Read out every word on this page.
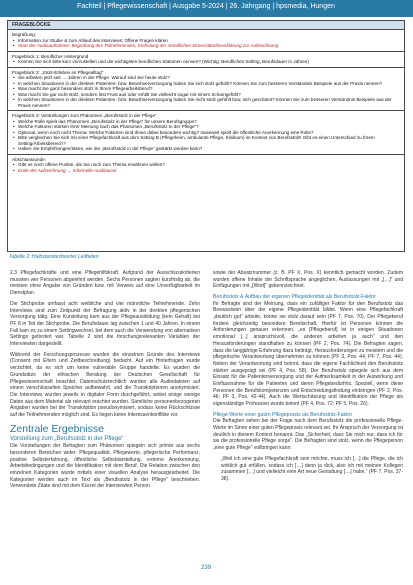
Fachteil | Pflegewissenschaft | Ausgabe 5-2024 | 26. Jahrgang | hpsmedia, Hungen
FRAGEBLÖCKE
Begrüßung:
• Information zur Studie & zum Ablauf des Interviews; Offene Fragen klären
• Start der Audioaufnahme: Begrüßung des Teilnehmenden, Einholung der mündlichen Einverständniserklärung zur Aufzeichnung
Frageblock 1: Beruflicher Hintergrund
• Können Sie sich bitte kurz vorzustellen und die wichtigsten beruflichen Stationen nennen? (Wichtig: Berufliches Setting, Berufsdauer in Jahren)
Frageblock 2: „Stolz-Erleben im Pflegealltag“
• Sie arbeiten jetzt seit … Jahren in der Pflege. Worauf sind Sie heute stolz?
• In welchen Situationen in der direkten Patienten- bzw. Bewohnerversorgung haben Sie sich stolz gefühlt? Können Sie zum besseren Verständnis Beispiele aus der Praxis nennen?
• Was macht Sie ganz besonders stolz in Ihrem Pflegearbeitsberuf?
• Was macht Sie gar nicht stolz, sondern löst Frust aus oder erfüllt Sie vielleicht sogar mit einem Schamgefühl?
• In welchen Situationen in der direkten Patienten- bzw. Bewohnerversorgung haben Sie nicht stolz gefühlt bzw. sich geschämt? Können Sie zum besseren Verständnis Beispiele aus der Praxis nennen?
Frageblock 3: Vorstellungen zum Phänomen „Berufsstolz in der Pflege“
• Welche Rolle spielt das Phänomen „Berufsstolz in der Pflege“ für unsere Berufsgruppe?
• Welche Faktoren stärken Ihrer Meinung nach das Phänomen „Berufsstolz in der Pflege“?
• Optional, wenn noch nicht Thema: Welche Faktoren sind Ihnen dabei besonders wichtig? Inwieweit spielt die öffentliche Anerkennung eine Rolle?
• Bitte vergleichen Sie sich mit einer Pflegefachkraft aus dem Setting B (Pflegeheim, ambulante Pflege, Klinikum) im Kontext von Berufsstolz! Gibt es einen Unterschied zu Ihrem Setting/Arbeitsbereich?
• Haben Sie Empfehlungen/Ideen, wie der „Berufsstolz in der Pflege“ gestärkt werden kann?
Abschlussrunde:
• Gibt es noch offene Punkte, die Sie noch zum Thema erwähnen wollen?
• Ende der Aufzeichnung → Informelle Ausklausel
Tabelle 2: Halbstandardisierter Leitfaden
2.3 Pflegefachkräfte und eine Pflegehilfskraft. Aufgrund der Ausschlusskriterien mussten vier Personen abgelehnt werden. Sechs Personen sagten kurzfristig ab, die meisten ohne Angabe von Gründen bzw. mit Verweis auf eine Unverfügbarkeit im Dienstplan.
Die Stichprobe umfasst acht weibliche und vier männliche Teilnehmende. Zehn Interviews sind zum Zeitpunkt der Befragung aktiv in der direkten pflegerischen Versorgung tätig. Eine Kursleitung kam aus der Pflegeausbildung (kein Gehalt) bei PF 8 in Teil der Stichprobe. Die Berufsdauer lag zwischen 1 und 40 Jahren. In einem Fall kam es zu einem Settingwechsel, bei dem auch die Verwendung von alternativen Settings gefordert war. Tabelle 2 sind die forschungsrelevanten Variablen der Interviewten dargestellt.
Während der Forschungsprozesse wurden die einzelnen Gründe des Interviews (Consent mit Eltern und Zeitbeschreibung) bedacht. Auf ein Hinterfragen wurde verzichtet, da es sich um keine vulnerable Gruppe handelte. Es wurden die Grundsätze der ethischen Beratung der Deutschen Gesellschaft für Pflegewissenschaft beachtet. Datenschutzrechtlich wurden alle Audiodateien auf einem verschlüsselten Speicher aufbewahrt, und die Transkriptionen anonymisiert. Die Interviews wurden jeweils in digitaler Form durchgeführt, wobei einige wenige Daten aus dem Material als relevant erachtet wurden. Sämtliche personenbezogenen Angaben wurden bei der Transkription pseudonymisiert, sodass keine Rückschlüsse auf die Teilnehmenden möglich sind. Es liegen keine Interessenkonflikte vor.
Zentrale Ergebnisse
Vorstellung zum „Berufsstolz in der Pflege“
Die Vorstellungen der Befragten zum Phänomen spiegeln sich primär aus sechs besonderen Bereichen wider: Pflegequalität, Pflegewerte, pflegerische Performanz, positive Selbsterfahrung, öffentliche Selbstdarstellung, externe Anerkennung, Arbeitsbedingungen und die Identifikation mit dem Beruf. Die Relation zwischen den einzelnen Kategorien wurde mittels einer visuellen Analyse herausgearbeitet. Die Kategorien werden auch im Text als „Berufsstolz in der Pflege“ beschrieben. Verwendete Zitate sind mit dem Kürzel der Interviewten Person
sowie der Absatznummer (z. B. PF X, Pos. X) kenntlich gemacht worden. Zudem wurden offene Inhalte der Schriftsprache angeglichen, Auslassungen mit „[…]“ und Einfügungen mit „[Wort]“ gekennzeichnet.
Berufsstolz & Aufbau der eigenen Pflegeidentität als Berufsstolz-Faktor
Ihr Befragte sind der Meinung, dass ein zufälliger Faktor für den Berufsstolz das Bewusstsein über die eigene Pflegeidentität bildet. Wenn eine Pflegefachkraft „deutlich gut“ arbeite, könne sie stolz darauf sein (PF 7, Pos. 70). Der Pflegeberuf fordere gleichzeitig besondere Bereitschaft. Hierfür ist Personen können die Anforderungen genauer erkennen, „es [Pflegeberuf] ist in einigen Situationen emotional [...] anspruchsvoll, die anderen arbeiten ja auch“ und den Herausforderungen standhalten zu können (PF 2, Pos. 74). Die Befragten sagen, dass die langjährige Erfahrung dazu beiträgt, Herausforderungen zu meistern und die pflegerische Verantwortung übernehmen zu können (PF 3, Pos. 44; PF 7, Pos. 44). Neben der Verantwortung wird betont, dass die eigene Fachlichkeit den Berufsstolz stärker ausgeprägt sei (PF 4, Pos. 58). Der Berufsstolz spiegele sich aus dem Einsatz für die Patientenversorgung und der Aufmerksamkeit in der Auswirkung und Einflussnahme für die Patienten und deren Pflegebedürfnis. Speziell, wenn diese Personen die Berufskompetenzen und Entscheidungsfindung einbringen (PF 2, Pos. 46; PF 3, Pos. 42-44). Auch die Wertschätzung und Identifikation der Pflege als eigenständige Profession wurde betont (PF 4, Pos. 72; PF 5, Pos. 26).
Pflege-Werte einer guten Pflegepraxis als Berufsstolz-Faktor
Die Befragten sehen bei der Frage nach dem Berufsstolz die professionelle Pflege-Werte im Sinne einer guten Pflegepraxis relevant sei. Ihr Anspruch der Versorgung ist deutlich in diesem Kontext benannt. Das „Sicherheit, dass Sie mich nur, dass ich für sie die professionelle Pflege sorge“. Die Befragten sind stolz, wenn die Pflegeperson „eine gute Pflege“ vollbringen kann:
„Weil ich eine gute Pflegefachkraft sein möchte, muss ich […] die Pflege, die ich wirklich gut erfüllen, sodass ich […] denn ja dick, also ich mit meinen Kollegen zusammen […] und vielleicht eine Art neue Gestaltung […] habe.“ (PF 7, Pos. 37-38).
239
